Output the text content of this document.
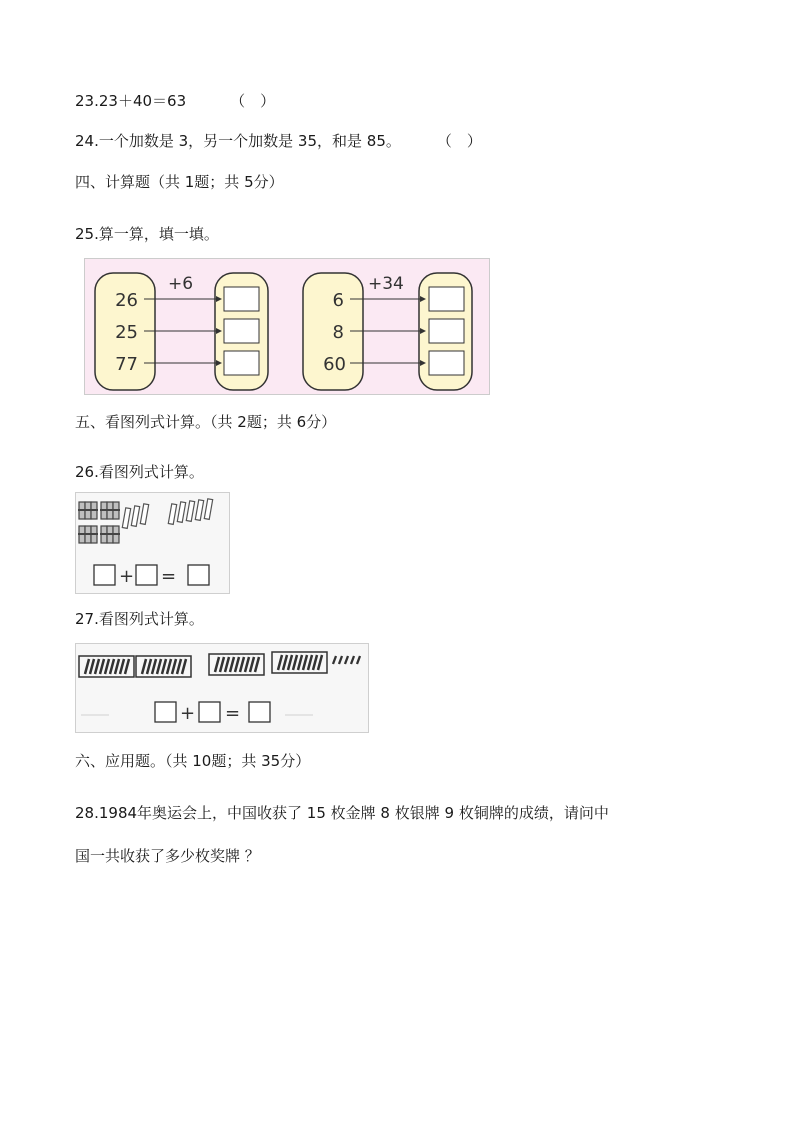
23.23＋40＝63	（　）
24.一个加数是 3，另一个加数是 35，和是 85。 （　）
四、计算题（共 1题；共 5分）
25.算一算，填一填。
+6
26
25
77
+34
6
8
60
五、看图列式计算。（共 2题；共 6分）
26.看图列式计算。
+ =
27.看图列式计算。
+ =
六、应用题。（共 10题；共 35分）
28.1984年奥运会上，中国收获了 15 枚金牌 8 枚银牌 9 枚铜牌的成绩，请问中
国一共收获了多少枚奖牌 ？
